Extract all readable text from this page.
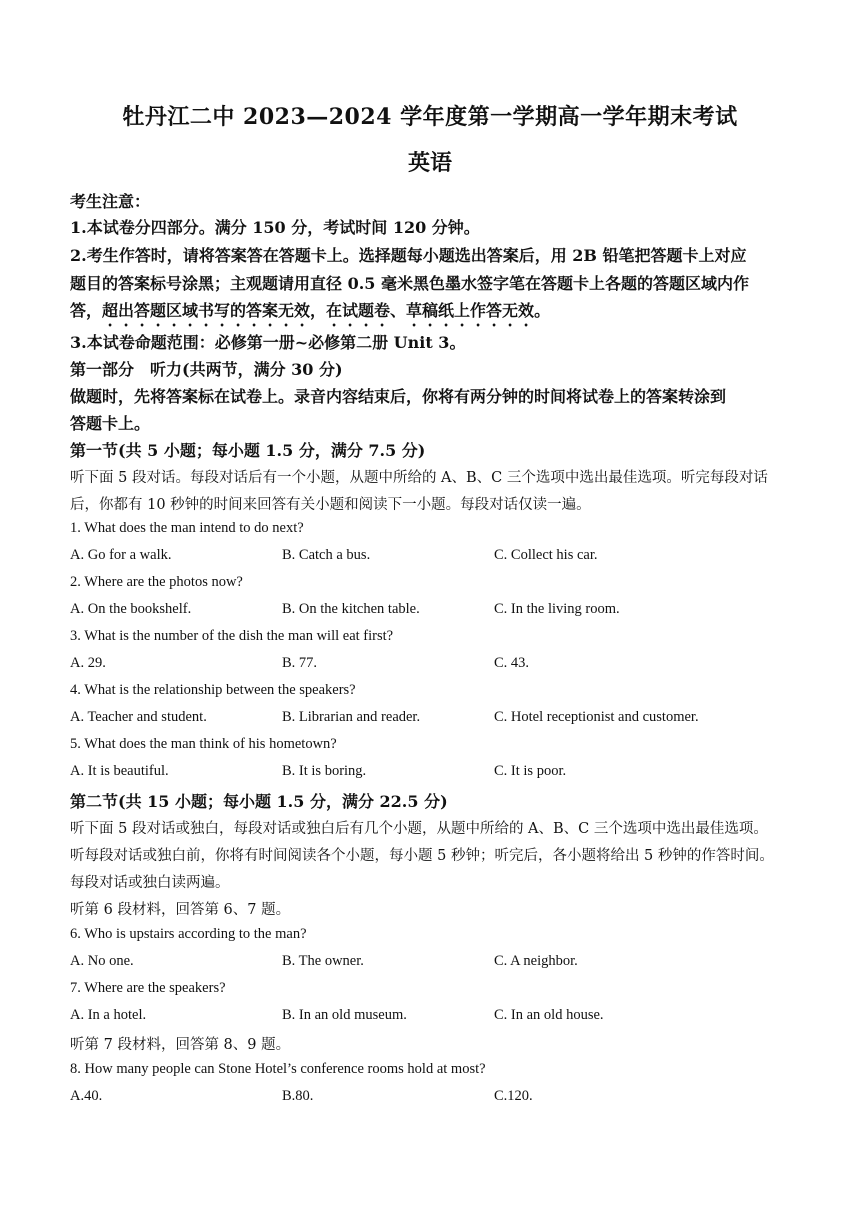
牡丹江二中 2023—2024 学年度第一学期高一学年期末考试
英语
考生注意：
1.本试卷分四部分。满分 150 分，考试时间 120 分钟。
2.考生作答时，请将答案答在答题卡上。选择题每小题选出答案后，用 2B 铅笔把答题卡上对应
题目的答案标号涂黑；主观题请用直径 0.5 毫米黑色墨水签字笔在答题卡上各题的答题区域内作
答，超出答题区域书写的答案无效，在试题卷、草稿纸上作答无效。
3.本试卷命题范围：必修第一册~必修第二册 Unit 3。
第一部分　听力(共两节，满分 30 分)
做题时，先将答案标在试卷上。录音内容结束后，你将有两分钟的时间将试卷上的答案转涂到
答题卡上。
第一节(共 5 小题；每小题 1.5 分，满分 7.5 分)
听下面 5 段对话。每段对话后有一个小题，从题中所给的 A、B、C 三个选项中选出最佳选项。听完每段对话
后，你都有 10 秒钟的时间来回答有关小题和阅读下一小题。每段对话仅读一遍。
1. What does the man intend to do next?
A. Go for a walk.	B. Catch a bus.	C. Collect his car.
2. Where are the photos now?
A. On the bookshelf.	B. On the kitchen table.	C. In the living room.
3. What is the number of the dish the man will eat first?
A. 29.	B. 77.	C. 43.
4. What is the relationship between the speakers?
A. Teacher and student.	B. Librarian and reader.	C. Hotel receptionist and customer.
5. What does the man think of his hometown?
A. It is beautiful.	B. It is boring.	C. It is poor.
第二节(共 15 小题；每小题 1.5 分，满分 22.5 分)
听下面 5 段对话或独白，每段对话或独白后有几个小题，从题中所给的 A、B、C 三个选项中选出最佳选项。
听每段对话或独白前，你将有时间阅读各个小题，每小题 5 秒钟；听完后，各小题将给出 5 秒钟的作答时间。
每段对话或独白读两遍。
听第 6 段材料，回答第 6、7 题。
6. Who is upstairs according to the man?
A. No one.	B. The owner.	C. A neighbor.
7. Where are the speakers?
A. In a hotel.	B. In an old museum.	C. In an old house.
听第 7 段材料，回答第 8、9 题。
8. How many people can Stone Hotel’s conference rooms hold at most?
A.40.	B.80.	C.120.
